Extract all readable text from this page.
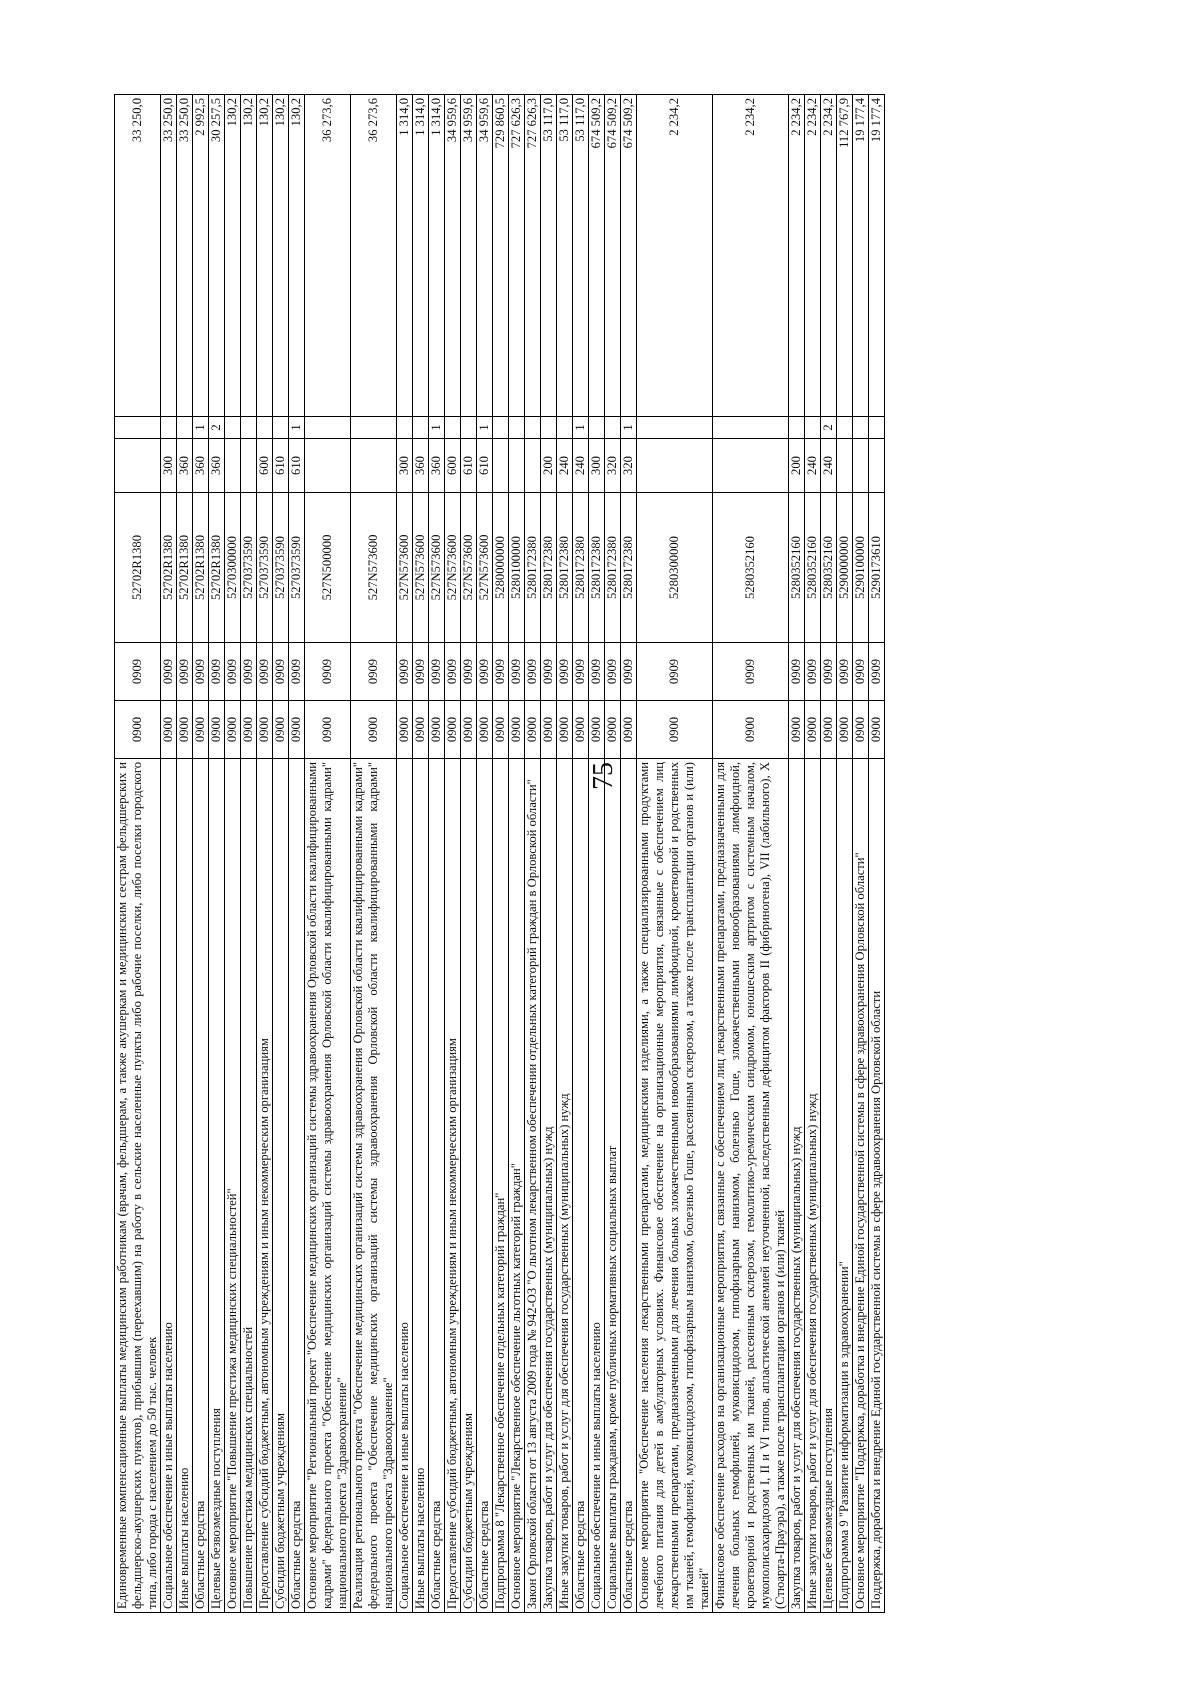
75
Единовременные компенсационные выплаты медицинским работникам (врачам, фельдшерам, а также акушеркам и медицинским сестрам фельдшерских и фельдшерско-акушерских пунктов), прибывшим (переехавшим) на работу в сельские населенные пункты либо рабочие поселки, либо поселки городского типа, либо города с населением до 50 тыс. человек	0900	0909	52702R1380			33 250,0
Социальное обеспечение и иные выплаты населению	0900	0909	52702R1380	300		33 250,0
Иные выплаты населению	0900	0909	52702R1380	360		33 250,0
Областные средства	0900	0909	52702R1380	360	1	2 992,5
Целевые безвозмездные поступления	0900	0909	52702R1380	360	2	30 257,5
Основное мероприятие "Повышение престижа медицинских специальностей"	0900	0909	5270300000			130,2
Повышение престижа медицинских специальностей	0900	0909	5270373590			130,2
Предоставление субсидий бюджетным, автономным учреждениям и иным некоммерческим организациям	0900	0909	5270373590	600		130,2
Субсидии бюджетным учреждениям	0900	0909	5270373590	610		130,2
Областные средства	0900	0909	5270373590	610	1	130,2
Основное мероприятие "Региональный проект "Обеспечение медицинских организаций системы здравоохранения Орловской области квалифицированными кадрами" федерального проекта "Обеспечение медицинских организаций системы здравоохранения Орловской области квалифицированными кадрами" национального проекта "Здравоохранение"	0900	0909	527N500000			36 273,6
Реализация регионального проекта "Обеспечение медицинских организаций системы здравоохранения Орловской области квалифицированными кадрами" федерального проекта "Обеспечение медицинских организаций системы здравоохранения Орловской области квалифицированными кадрами" национального проекта "Здравоохранение"	0900	0909	527N573600			36 273,6
Социальное обеспечение и иные выплаты населению	0900	0909	527N573600	300		1 314,0
Иные выплаты населению	0900	0909	527N573600	360		1 314,0
Областные средства	0900	0909	527N573600	360	1	1 314,0
Предоставление субсидий бюджетным, автономным учреждениям и иным некоммерческим организациям	0900	0909	527N573600	600		34 959,6
Субсидии бюджетным учреждениям	0900	0909	527N573600	610		34 959,6
Областные средства	0900	0909	527N573600	610	1	34 959,6
Подпрограмма 8 "Лекарственное обеспечение отдельных категорий граждан"	0900	0909	5280000000			729 860,5
Основное мероприятие "Лекарственное обеспечение льготных категорий граждан"	0900	0909	5280100000			727 626,3
Закон Орловской области от 13 августа 2009 года № 942-ОЗ "О льготном лекарственном обеспечении отдельных категорий граждан в Орловской области"	0900	0909	5280172380			727 626,3
Закупка товаров, работ и услуг для обеспечения государственных (муниципальных) нужд	0900	0909	5280172380	200		53 117,0
Иные закупки товаров, работ и услуг для обеспечения государственных (муниципальных) нужд	0900	0909	5280172380	240		53 117,0
Областные средства	0900	0909	5280172380	240	1	53 117,0
Социальное обеспечение и иные выплаты населению	0900	0909	5280172380	300		674 509,2
Социальные выплаты гражданам, кроме публичных нормативных социальных выплат	0900	0909	5280172380	320		674 509,2
Областные средства	0900	0909	5280172380	320	1	674 509,2
Основное мероприятие "Обеспечение населения лекарственными препаратами, медицинскими изделиями, а также специализированными продуктами лечебного питания для детей в амбулаторных условиях. Финансовое обеспечение на организационные мероприятия, связанные с обеспечением лиц лекарственными препаратами, предназначенными для лечения больных злокачественными новообразованиями лимфоидной, кроветворной и родственных им тканей, гемофилией, муковисцидозом, гипофизарным нанизмом, болезнью Гоше, рассеянным склерозом, а также после трансплантации органов и (или) тканей"	0900	0909	5280300000			2 234,2
Финансовое обеспечение расходов на организационные мероприятия, связанные с обеспечением лиц лекарственными препаратами, предназначенными для лечения больных гемофилией, муковисцидозом, гипофизарным нанизмом, болезнью Гоше, злокачественными новообразованиями лимфоидной, кроветворной и родственных им тканей, рассеянным склерозом, гемолитико-уремическим синдромом, юношеским артритом с системным началом, мукополисахаридозом I, II и VI типов, апластической анемией неуточненной, наследственным дефицитом факторов II (фибриногена), VII (лабильного), X (Стюарта-Прауэра), а также после трансплантации органов и (или) тканей	0900	0909	5280352160			2 234,2
Закупка товаров, работ и услуг для обеспечения государственных (муниципальных) нужд	0900	0909	5280352160	200		2 234,2
Иные закупки товаров, работ и услуг для обеспечения государственных (муниципальных) нужд	0900	0909	5280352160	240		2 234,2
Целевые безвозмездные поступления	0900	0909	5280352160	240	2	2 234,2
Подпрограмма 9 "Развитие информатизации в здравоохранении"	0900	0909	5290000000			112 767,9
Основное мероприятие "Поддержка, доработка и внедрение Единой государственной системы в сфере здравоохранения Орловской области"	0900	0909	5290100000			19 177,4
Поддержка, доработка и внедрение Единой государственной системы в сфере здравоохранения Орловской области	0900	0909	5290173610			19 177,4
